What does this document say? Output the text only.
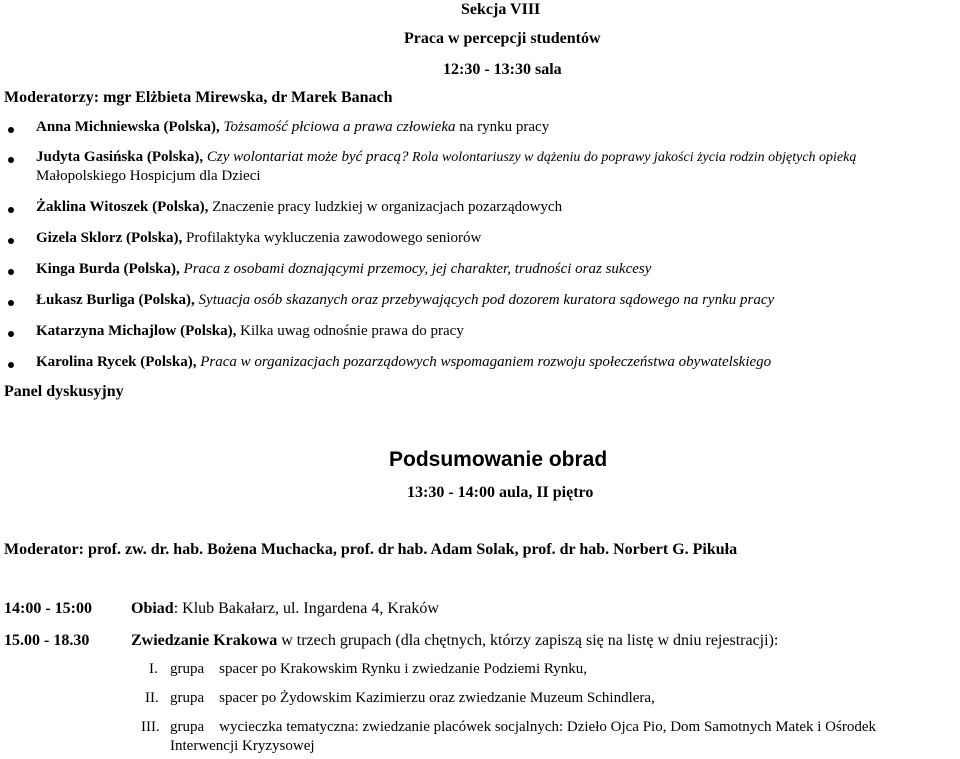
Sekcja VIII
Praca w percepcji studentów
12:30 - 13:30 sala
Moderatorzy: mgr Elżbieta Mirewska, dr Marek Banach
Anna Michniewska (Polska), Tożsamość płciowa a prawa człowieka na rynku pracy
Judyta Gasińska (Polska), Czy wolontariat może być pracą? Rola wolontariuszy w dążeniu do poprawy jakości życia rodzin objętych opieką
Małopolskiego Hospicjum dla Dzieci
Żaklina Witoszek (Polska), Znaczenie pracy ludzkiej w organizacjach pozarządowych
Gizela Sklorz (Polska), Profilaktyka wykluczenia zawodowego seniorów
Kinga Burda (Polska), Praca z osobami doznającymi przemocy, jej charakter, trudności oraz sukcesy
Łukasz Burliga (Polska), Sytuacja osób skazanych oraz przebywających pod dozorem kuratora sądowego na rynku pracy
Katarzyna Michajlow (Polska), Kilka uwag odnośnie prawa do pracy
Karolina Rycek (Polska), Praca w organizacjach pozarządowych wspomaganiem rozwoju społeczeństwa obywatelskiego
Panel dyskusyjny
Podsumowanie obrad
13:30 - 14:00 aula, II piętro
Moderator: prof. zw. dr. hab. Bożena Muchacka, prof. dr hab. Adam Solak, prof. dr hab. Norbert G. Pikuła
14:00 - 15:00 Obiad: Klub Bakałarz, ul. Ingardena 4, Kraków
15.00 - 18.30	Zwiedzanie Krakowa w trzech grupach (dla chętnych, którzy zapiszą się na listę w dniu rejestracji):
I. grupa    spacer po Krakowskim Rynku i zwiedzanie Podziemi Rynku,
II. grupa    spacer po Żydowskim Kazimierzu oraz zwiedzanie Muzeum Schindlera,
III. grupa    wycieczka tematyczna: zwiedzanie placówek socjalnych: Dzieło Ojca Pio, Dom Samotnych Matek i Ośrodek
Interwencji Kryzysowej
